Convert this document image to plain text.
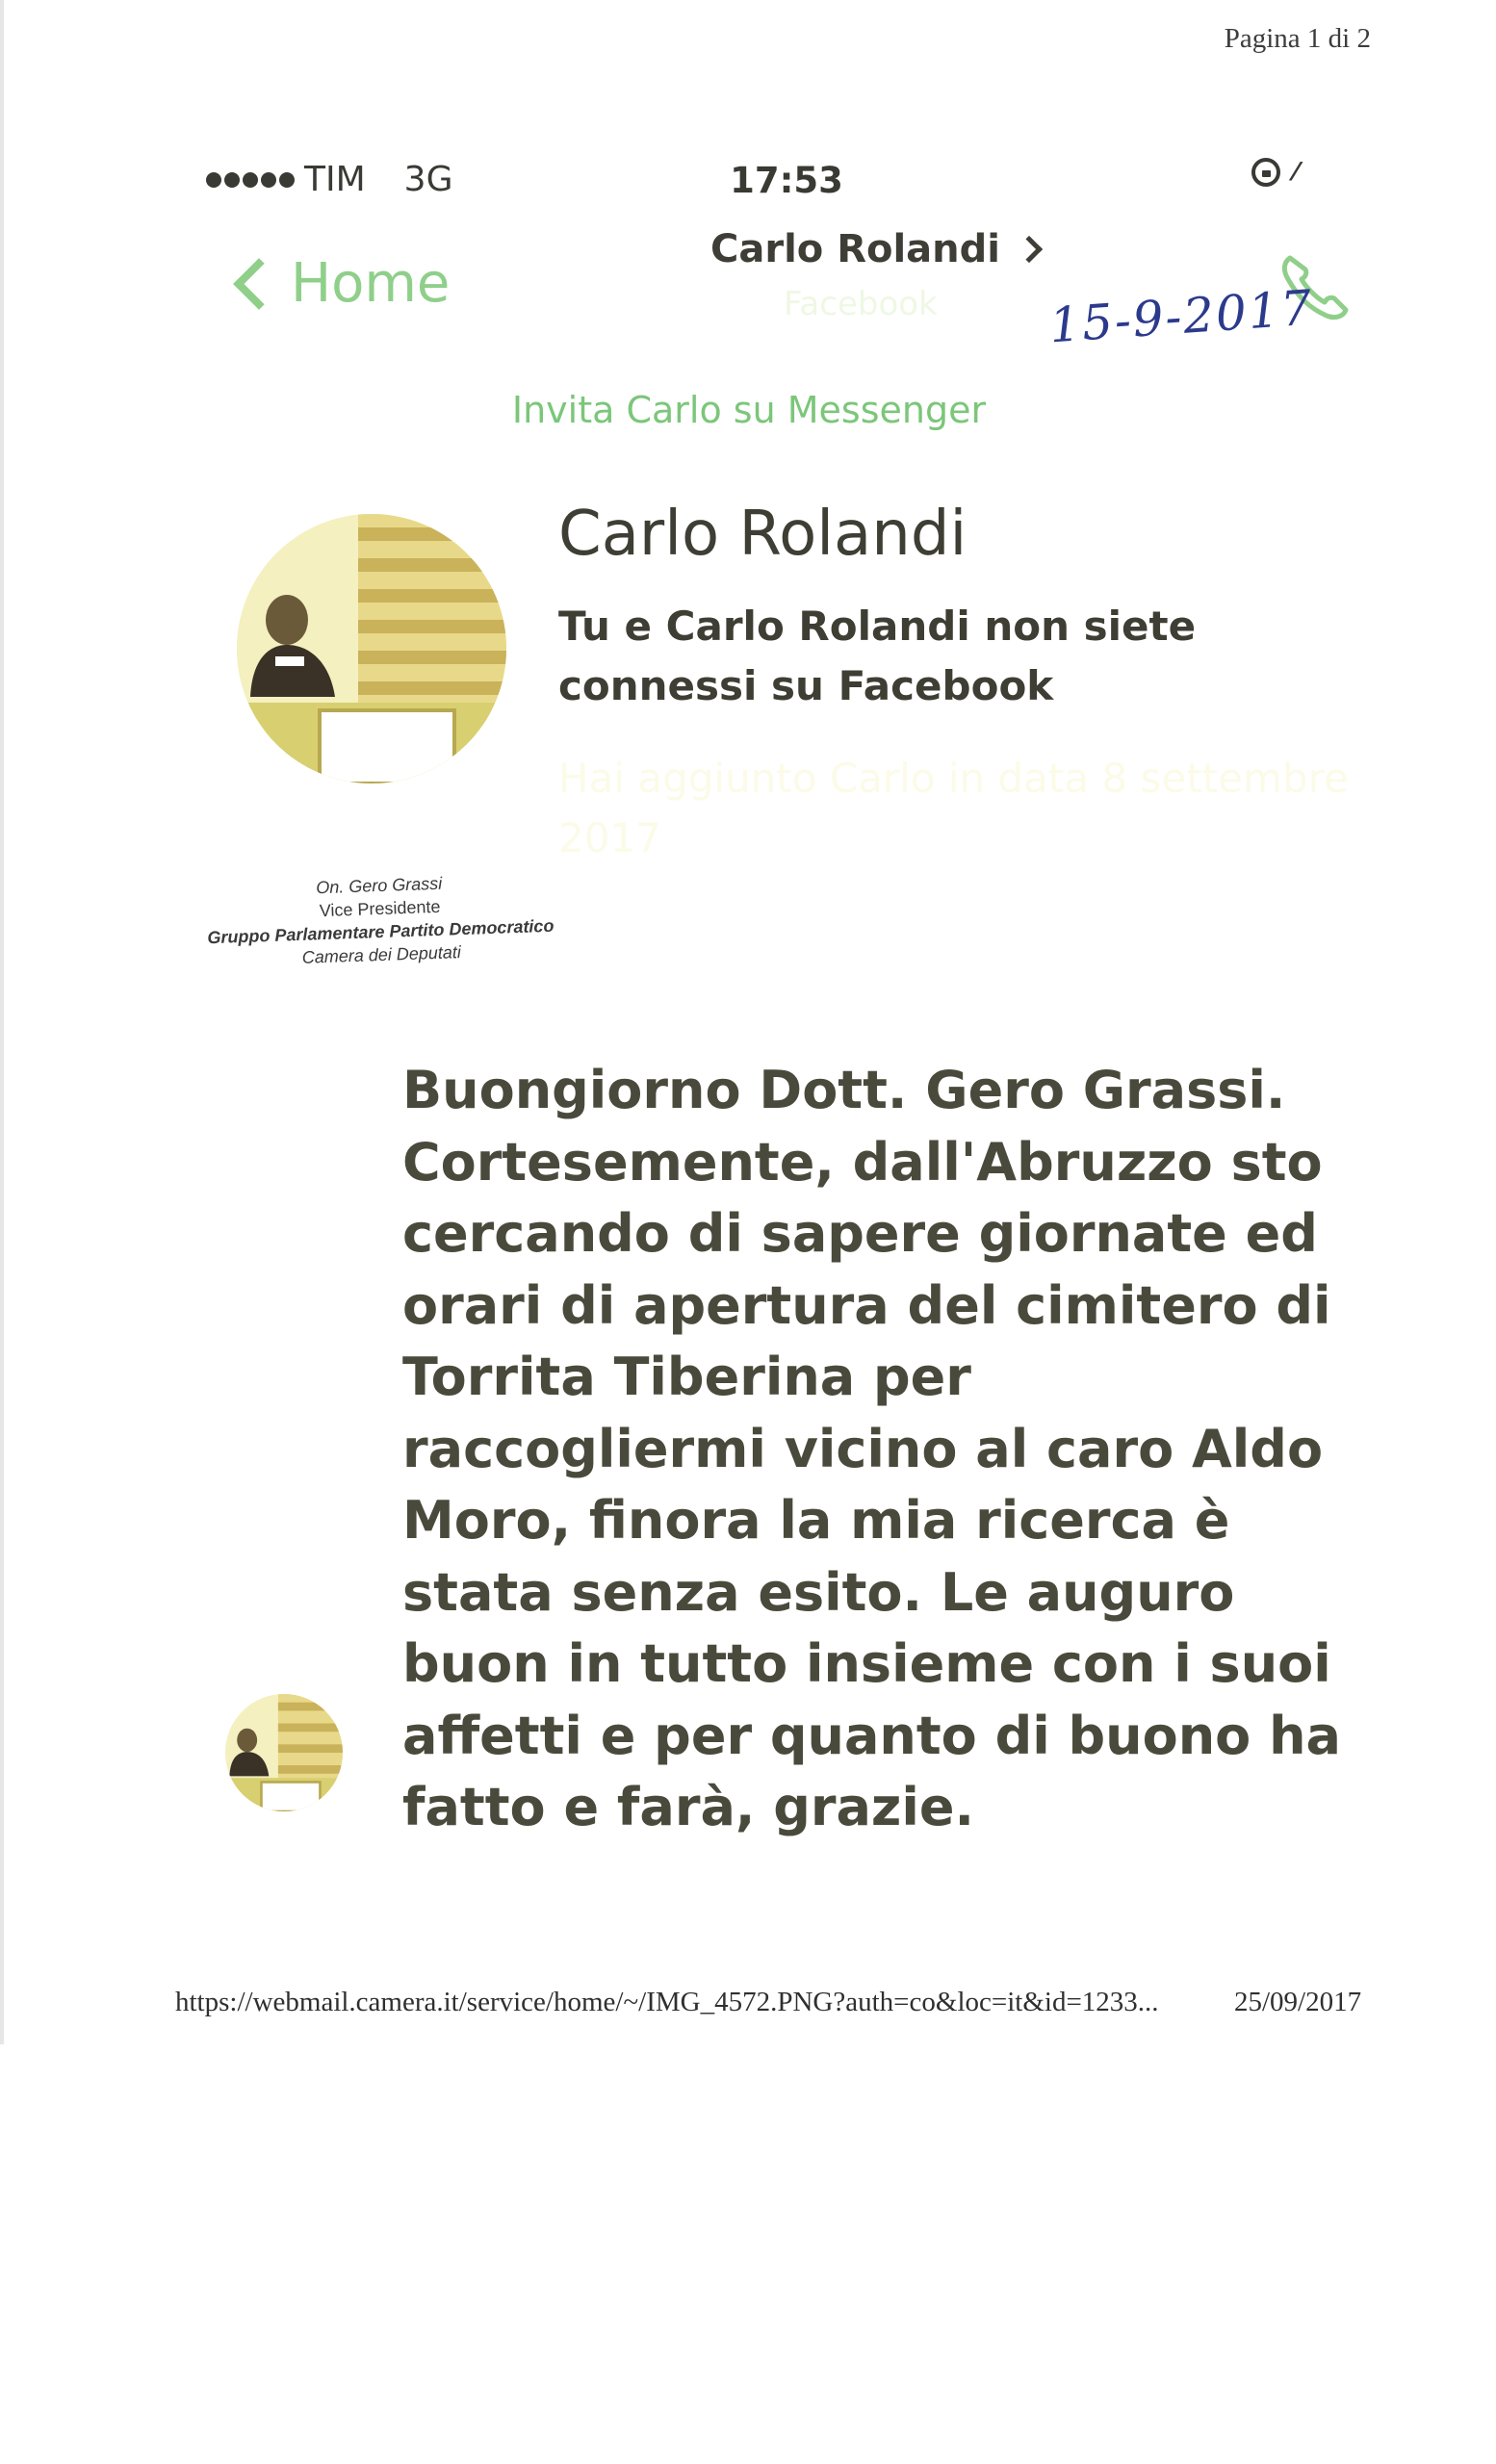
Pagina 1 di 2
TIM 3G	17:53	⁄
Home
Carlo Rolandi
Facebook 15-9-2017
Invita Carlo su Messenger
Carlo Rolandi
Tu e Carlo Rolandi non siete connessi su Facebook
Hai aggiunto Carlo in data 8 settembre 2017
On. Gero Grassi
Vice Presidente
Gruppo Parlamentare Partito Democratico
Camera dei Deputati
Buongiorno Dott. Gero Grassi. Cortesemente, dall'Abruzzo sto cercando di sapere giornate ed orari di apertura del cimitero di Torrita Tiberina per raccogliermi vicino al caro Aldo Moro, finora la mia ricerca è stata senza esito. Le auguro buon in tutto insieme con i suoi affetti e per quanto di buono ha fatto e farà, grazie.
https://webmail.camera.it/service/home/~/IMG_4572.PNG?auth=co&loc=it&id=1233...	25/09/2017
